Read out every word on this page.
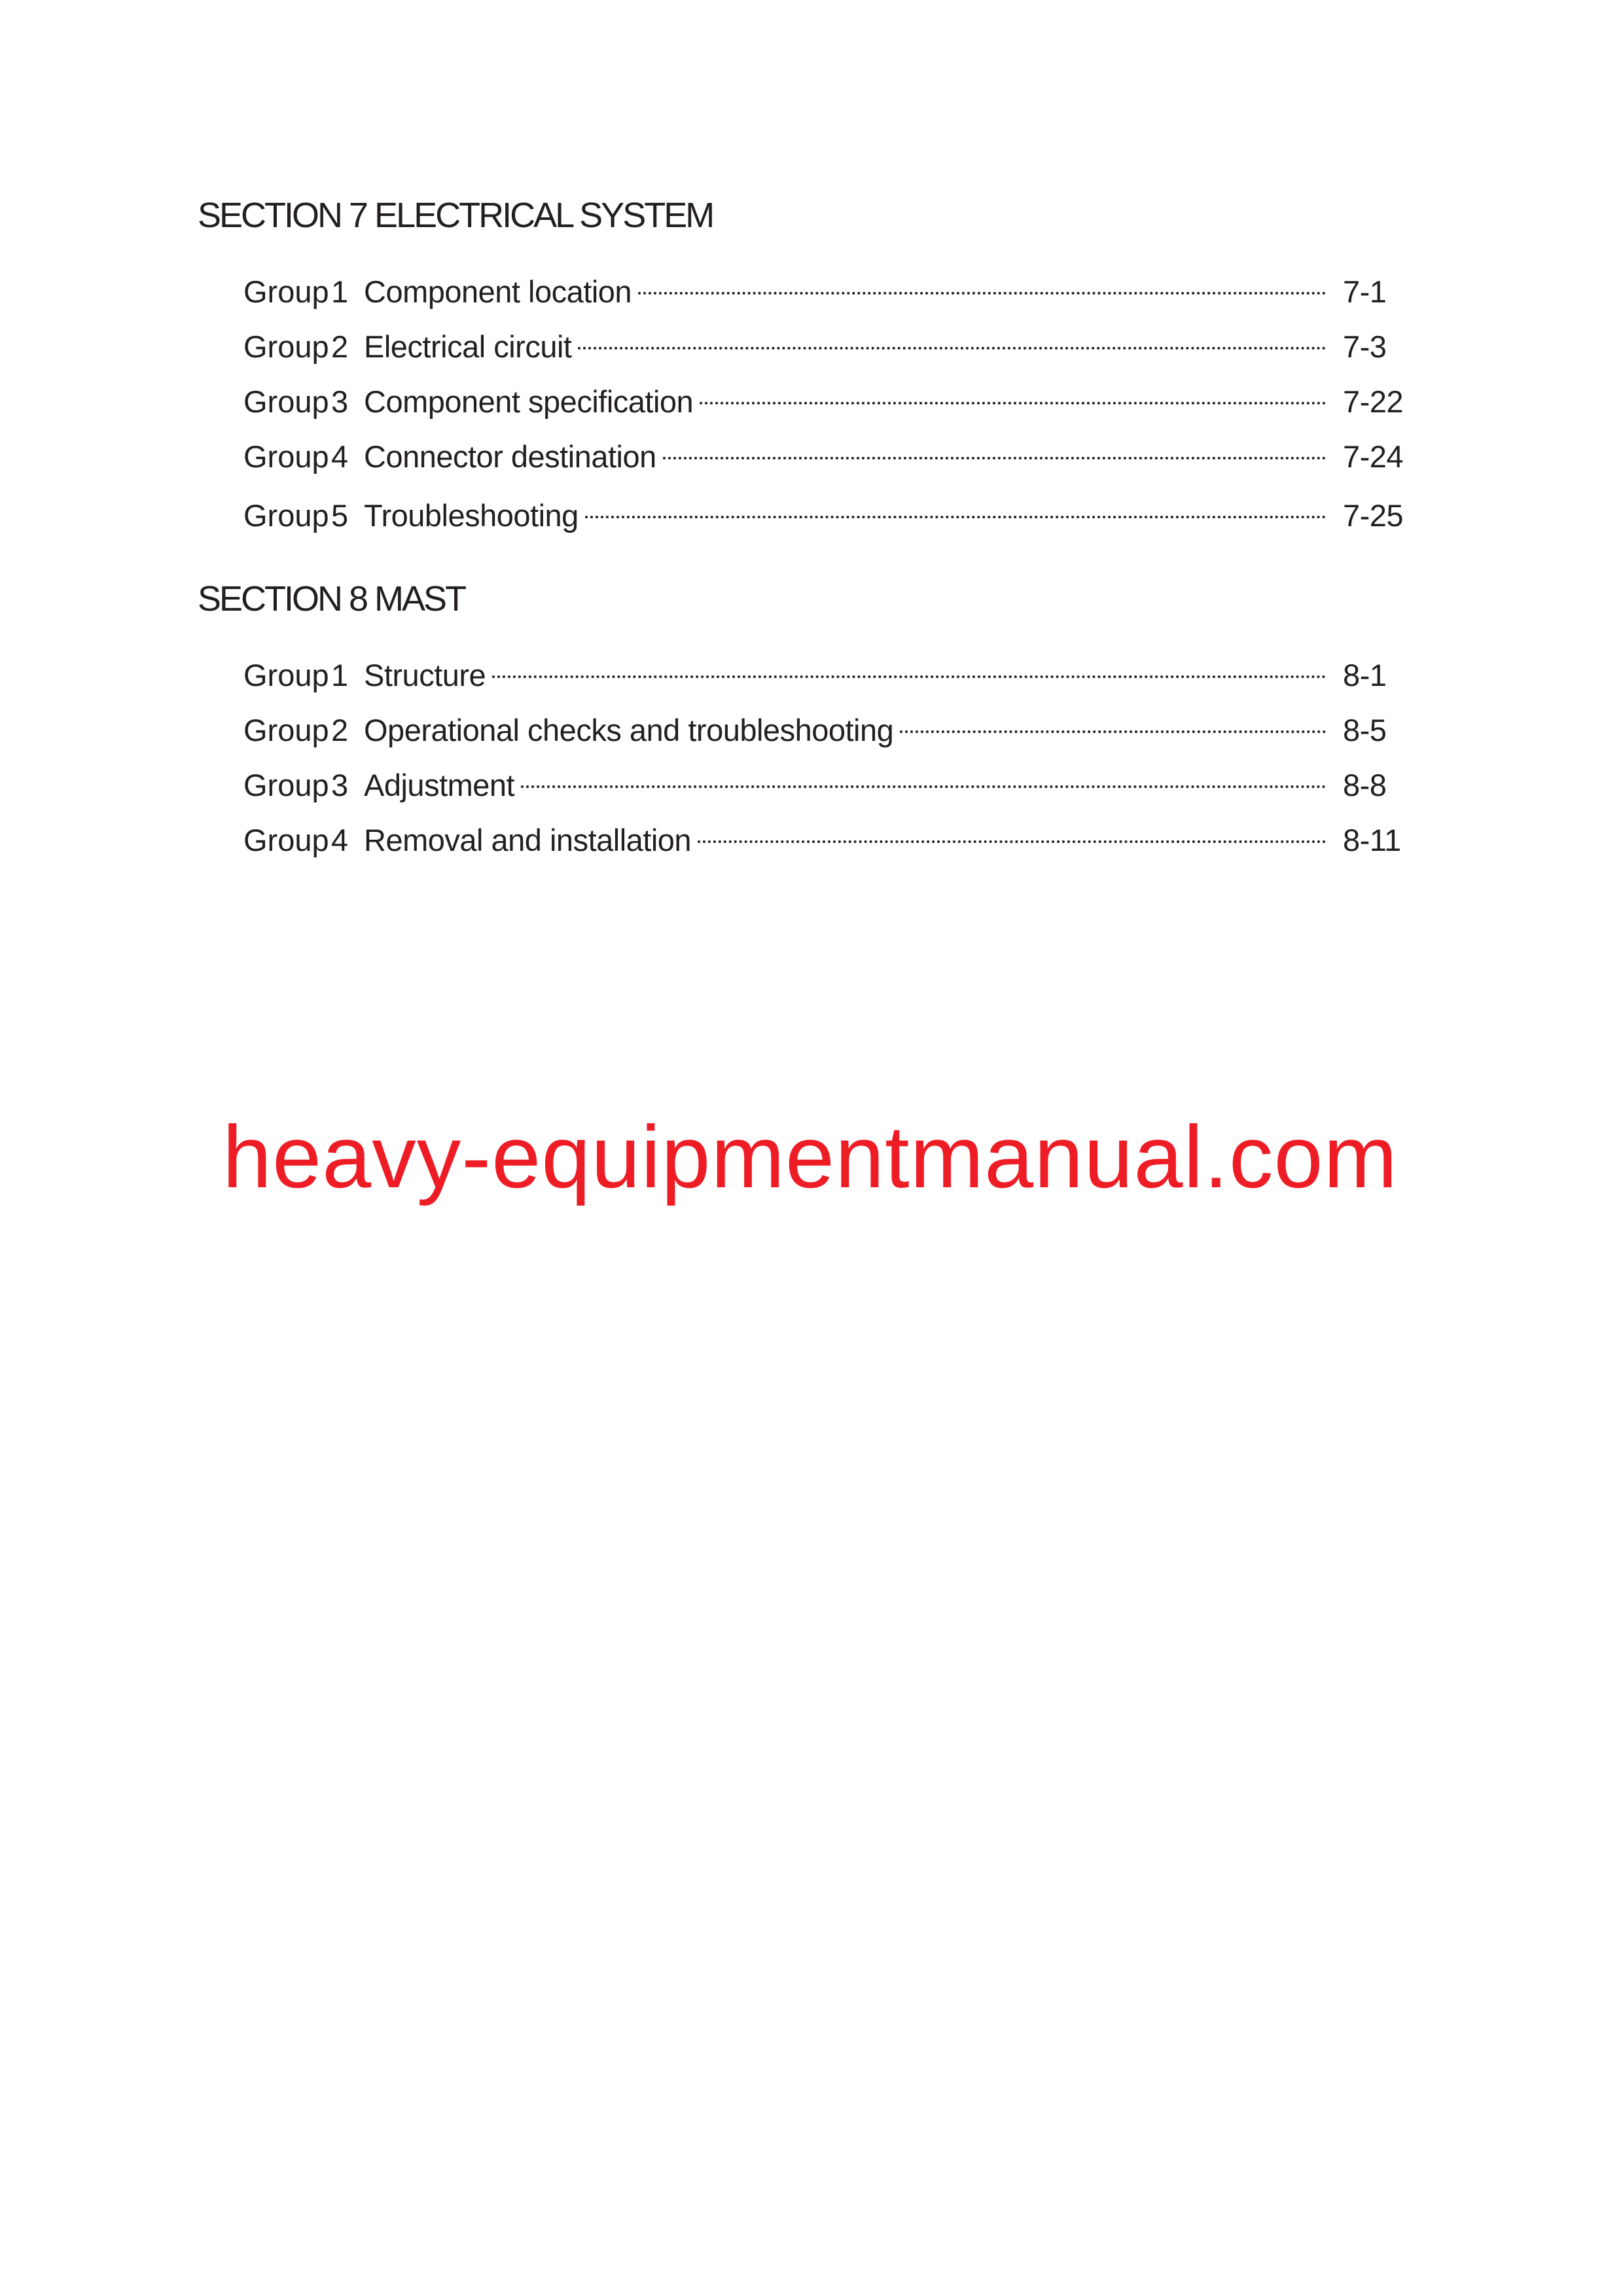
SECTION 7 ELECTRICAL SYSTEM
Group 1 Component location	7-1
Group 2 Electrical circuit	7-3
Group 3 Component specification	7-22
Group 4 Connector destination	7-24
Group 5 Troubleshooting	7-25
SECTION 8 MAST
Group 1 Structure	8-1
Group 2 Operational checks and troubleshooting	8-5
Group 3 Adjustment	8-8
Group 4 Removal and installation	8-11

heavy-equipmentmanual.com
